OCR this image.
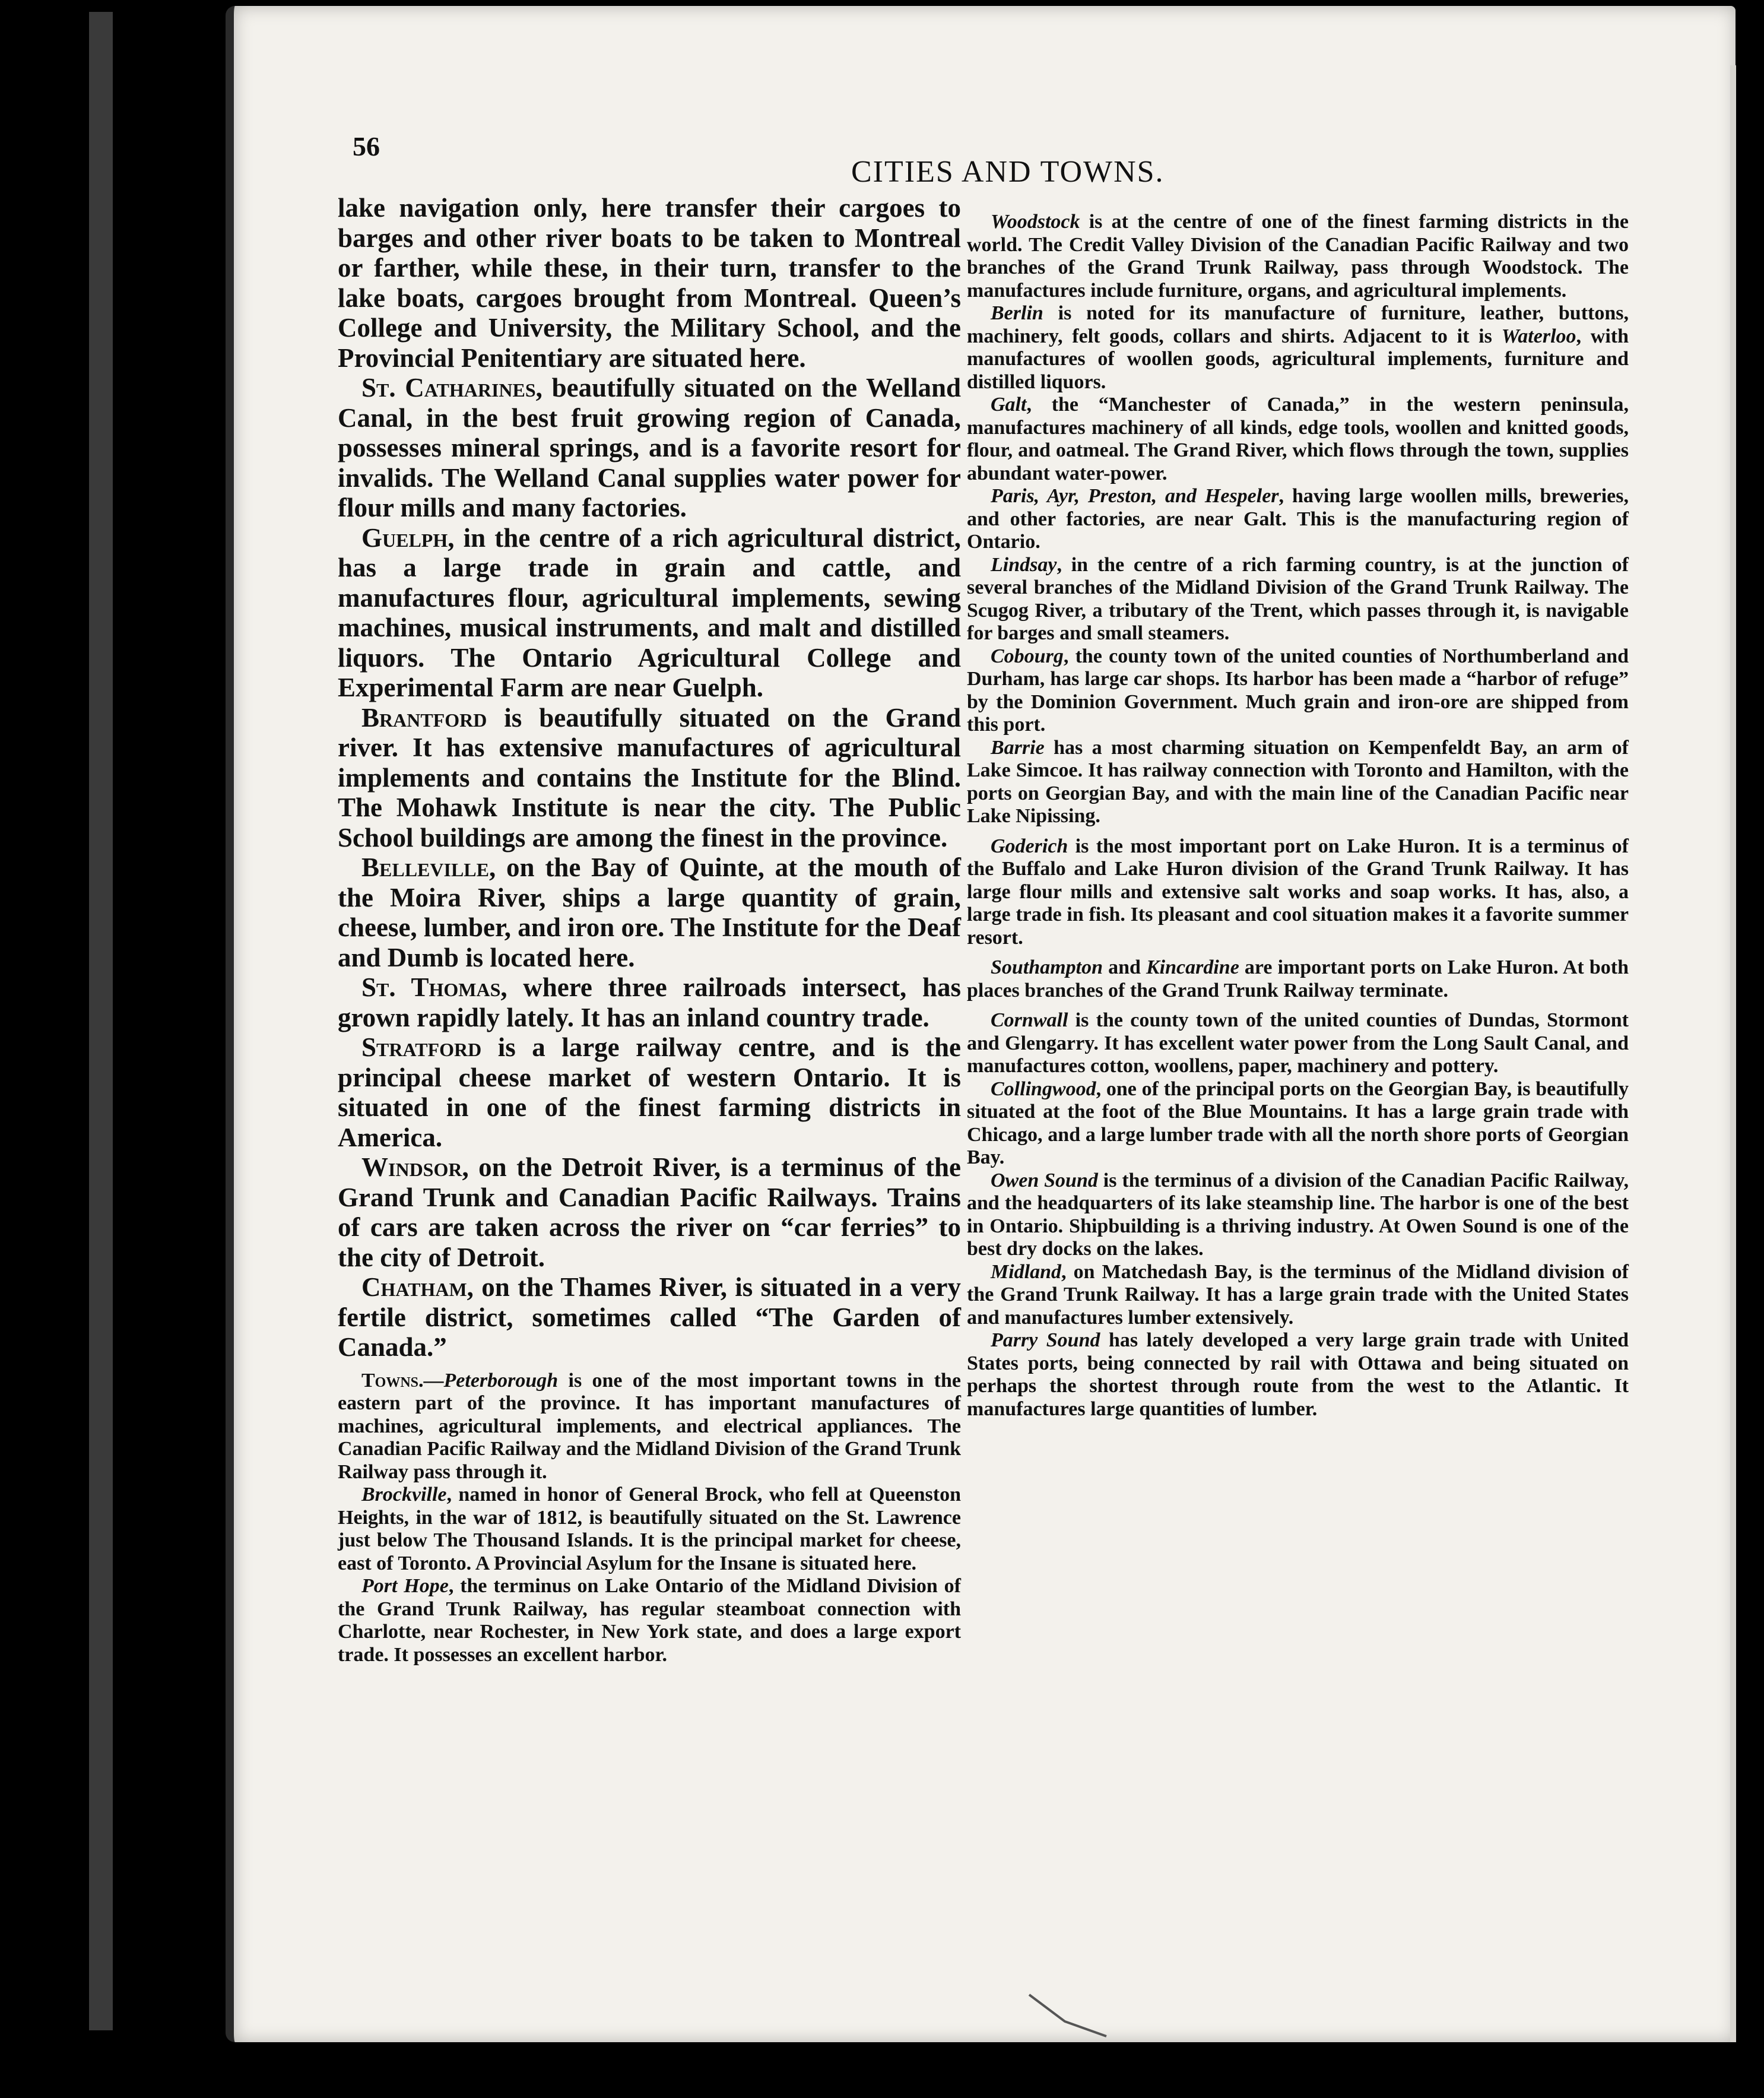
56
CITIES AND TOWNS.

lake navigation only, here transfer their cargoes to barges and other river boats to be taken to Montreal or farther, while these, in their turn, transfer to the lake boats, cargoes brought from Montreal. Queen’s College and University, the Military School, and the Provincial Penitentiary are situated here.

St. Catharines, beautifully situated on the Welland Canal, in the best fruit growing region of Canada, possesses mineral springs, and is a favorite resort for invalids. The Welland Canal supplies water power for flour mills and many factories.

Guelph, in the centre of a rich agricultural district, has a large trade in grain and cattle, and manufactures flour, agricultural implements, sewing machines, musical instruments, and malt and distilled liquors. The Ontario Agricultural College and Experimental Farm are near Guelph.

Brantford is beautifully situated on the Grand river. It has extensive manufactures of agricultural implements and contains the Institute for the Blind. The Mohawk Institute is near the city. The Public School buildings are among the finest in the province.

Belleville, on the Bay of Quinte, at the mouth of the Moira River, ships a large quantity of grain, cheese, lumber, and iron ore. The Institute for the Deaf and Dumb is located here.

St. Thomas, where three railroads intersect, has grown rapidly lately. It has an inland country trade.

Stratford is a large railway centre, and is the principal cheese market of western Ontario. It is situated in one of the finest farming districts in America.

Windsor, on the Detroit River, is a terminus of the Grand Trunk and Canadian Pacific Railways. Trains of cars are taken across the river on “car ferries” to the city of Detroit.

Chatham, on the Thames River, is situated in a very fertile district, sometimes called “The Garden of Canada.”

Towns.—Peterborough is one of the most important towns in the eastern part of the province. It has important manufactures of machines, agricultural implements, and electrical appliances. The Canadian Pacific Railway and the Midland Division of the Grand Trunk Railway pass through it.

Brockville, named in honor of General Brock, who fell at Queenston Heights, in the war of 1812, is beautifully situated on the St. Lawrence just below The Thousand Islands. It is the principal market for cheese, east of Toronto. A Provincial Asylum for the Insane is situated here.

Port Hope, the terminus on Lake Ontario of the Midland Division of the Grand Trunk Railway, has regular steamboat connection with Charlotte, near Rochester, in New York state, and does a large export trade. It possesses an excellent harbor.

Woodstock is at the centre of one of the finest farming districts in the world. The Credit Valley Division of the Canadian Pacific Railway and two branches of the Grand Trunk Railway, pass through Woodstock. The manufactures include furniture, organs, and agricultural implements.

Berlin is noted for its manufacture of furniture, leather, buttons, machinery, felt goods, collars and shirts. Adjacent to it is Waterloo, with manufactures of woollen goods, agricultural implements, furniture and distilled liquors.

Galt, the “Manchester of Canada,” in the western peninsula, manufactures machinery of all kinds, edge tools, woollen and knitted goods, flour, and oatmeal. The Grand River, which flows through the town, supplies abundant water-power.

Paris, Ayr, Preston, and Hespeler, having large woollen mills, breweries, and other factories, are near Galt. This is the manufacturing region of Ontario.

Lindsay, in the centre of a rich farming country, is at the junction of several branches of the Midland Division of the Grand Trunk Railway. The Scugog River, a tributary of the Trent, which passes through it, is navigable for barges and small steamers.

Cobourg, the county town of the united counties of Northumberland and Durham, has large car shops. Its harbor has been made a “harbor of refuge” by the Dominion Government. Much grain and iron-ore are shipped from this port.

Barrie has a most charming situation on Kempenfeldt Bay, an arm of Lake Simcoe. It has railway connection with Toronto and Hamilton, with the ports on Georgian Bay, and with the main line of the Canadian Pacific near Lake Nipissing.

Goderich is the most important port on Lake Huron. It is a terminus of the Buffalo and Lake Huron division of the Grand Trunk Railway. It has large flour mills and extensive salt works and soap works. It has, also, a large trade in fish. Its pleasant and cool situation makes it a favorite summer resort.

Southampton and Kincardine are important ports on Lake Huron. At both places branches of the Grand Trunk Railway terminate.

Cornwall is the county town of the united counties of Dundas, Stormont and Glengarry. It has excellent water power from the Long Sault Canal, and manufactures cotton, woollens, paper, machinery and pottery.

Collingwood, one of the principal ports on the Georgian Bay, is beautifully situated at the foot of the Blue Mountains. It has a large grain trade with Chicago, and a large lumber trade with all the north shore ports of Georgian Bay.

Owen Sound is the terminus of a division of the Canadian Pacific Railway, and the headquarters of its lake steamship line. The harbor is one of the best in Ontario. Shipbuilding is a thriving industry. At Owen Sound is one of the best dry docks on the lakes.

Midland, on Matchedash Bay, is the terminus of the Midland division of the Grand Trunk Railway. It has a large grain trade with the United States and manufactures lumber extensively.

Parry Sound has lately developed a very large grain trade with United States ports, being connected by rail with Ottawa and being situated on perhaps the shortest through route from the west to the Atlantic. It manufactures large quantities of lumber.
